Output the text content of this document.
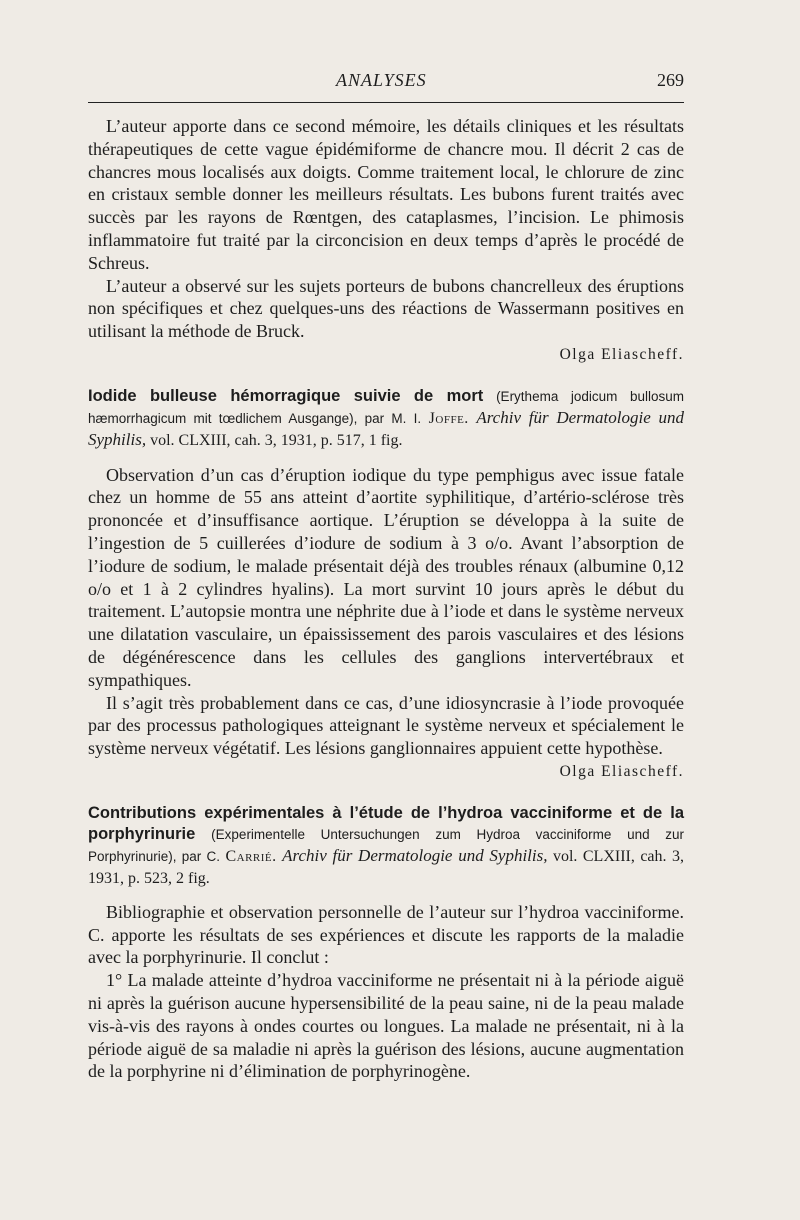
ANALYSES	269

L’auteur apporte dans ce second mémoire, les détails cliniques et les résultats thérapeutiques de cette vague épidémiforme de chancre mou. Il décrit 2 cas de chancres mous localisés aux doigts. Comme traitement local, le chlorure de zinc en cristaux semble donner les meilleurs résultats. Les bubons furent traités avec succès par les rayons de Rœntgen, des cataplasmes, l’incision. Le phimosis inflammatoire fut traité par la circoncision en deux temps d’après le procédé de Schreus.

L’auteur a observé sur les sujets porteurs de bubons chancrelleux des éruptions non spécifiques et chez quelques-uns des réactions de Wassermann positives en utilisant la méthode de Bruck.

Olga Eliascheff.
Iodide bulleuse hémorragique suivie de mort (Erythema jodicum bullosum hæmorrhagicum mit tœdlichem Ausgange), par M. I. Joffe. Archiv für Dermatologie und Syphilis, vol. CLXIII, cah. 3, 1931, p. 517, 1 fig.

Observation d’un cas d’éruption iodique du type pemphigus avec issue fatale chez un homme de 55 ans atteint d’aortite syphilitique, d’artério-sclérose très prononcée et d’insuffisance aortique. L’éruption se développa à la suite de l’ingestion de 5 cuillerées d’iodure de sodium à 3 o/o. Avant l’absorption de l’iodure de sodium, le malade présentait déjà des troubles rénaux (albumine 0,12 o/o et 1 à 2 cylindres hyalins). La mort survint 10 jours après le début du traitement. L’autopsie montra une néphrite due à l’iode et dans le système nerveux une dilatation vasculaire, un épaississement des parois vasculaires et des lésions de dégénérescence dans les cellules des ganglions intervertébraux et sympathiques.

Il s’agit très probablement dans ce cas, d’une idiosyncrasie à l’iode provoquée par des processus pathologiques atteignant le système nerveux et spécialement le système nerveux végétatif. Les lésions ganglionnaires appuient cette hypothèse.

Olga Eliascheff.
Contributions expérimentales à l’étude de l’hydroa vacciniforme et de la porphyrinurie (Experimentelle Untersuchungen zum Hydroa vacciniforme und zur Porphyrinurie), par C. Carrié. Archiv für Dermatologie und Syphilis, vol. CLXIII, cah. 3, 1931, p. 523, 2 fig.

Bibliographie et observation personnelle de l’auteur sur l’hydroa vacciniforme. C. apporte les résultats de ses expériences et discute les rapports de la maladie avec la porphyrinurie. Il conclut :

1° La malade atteinte d’hydroa vacciniforme ne présentait ni à la période aiguë ni après la guérison aucune hypersensibilité de la peau saine, ni de la peau malade vis-à-vis des rayons à ondes courtes ou longues. La malade ne présentait, ni à la période aiguë de sa maladie ni après la guérison des lésions, aucune augmentation de la porphyrine ni d’élimination de porphyrinogène.
